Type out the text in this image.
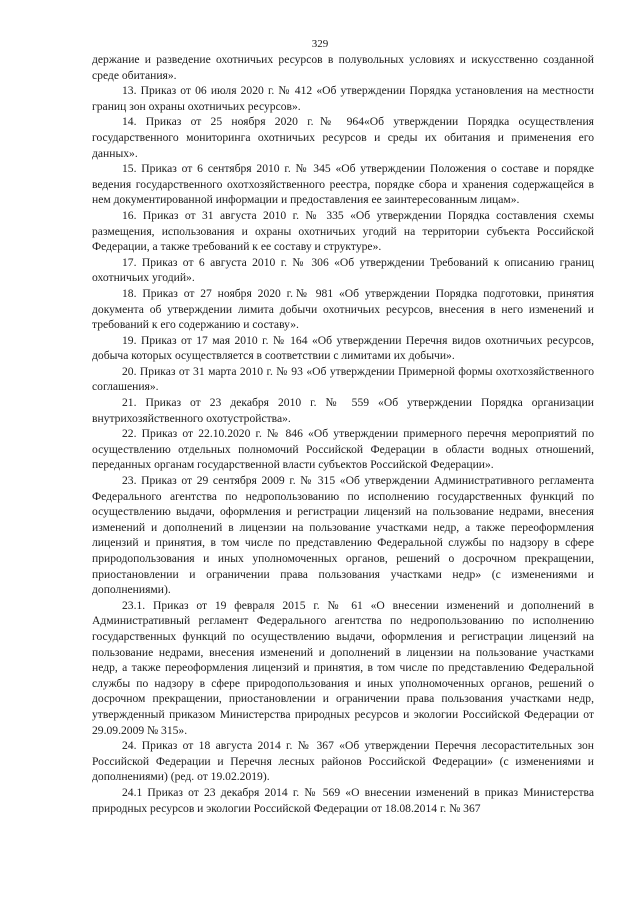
329

держание и разведение охотничьих ресурсов в полувольных условиях и искусственно созданной среде обитания».

13. Приказ от 06 июля 2020 г. № 412 «Об утверждении Порядка установления на местности границ зон охраны охотничьих ресурсов».

14. Приказ от 25 ноября 2020 г.№ 964«Об утверждении Порядка осуществления государственного мониторинга охотничьих ресурсов и среды их обитания и применения его данных».

15. Приказ от 6 сентября 2010 г. № 345 «Об утверждении Положения о составе и порядке ведения государственного охотхозяйственного реестра, порядке сбора и хранения содержащейся в нем документированной информации и предоставления ее заинтересованным лицам».

16. Приказ от 31 августа 2010 г. № 335 «Об утверждении Порядка составления схемы размещения, использования и охраны охотничьих угодий на территории субъекта Российской Федерации, а также требований к ее составу и структуре».

17. Приказ от 6 августа 2010 г. № 306 «Об утверждении Требований к описанию границ охотничьих угодий».

18. Приказ от 27 ноября 2020 г.№ 981 «Об утверждении Порядка подготовки, принятия документа об утверждении лимита добычи охотничьих ресурсов, внесения в него изменений и требований к его содержанию и составу».

19. Приказ от 17 мая 2010 г. № 164 «Об утверждении Перечня видов охотничьих ресурсов, добыча которых осуществляется в соответствии с лимитами их добычи».

20. Приказ от 31 марта 2010 г. № 93 «Об утверждении Примерной формы охотхозяйственного соглашения».

21. Приказ от 23 декабря 2010 г. № 559 «Об утверждении Порядка организации внутрихозяйственного охотустройства».

22. Приказ от 22.10.2020 г. № 846 «Об утверждении примерного перечня мероприятий по осуществлению отдельных полномочий Российской Федерации в области водных отношений, переданных органам государственной власти субъектов Российской Федерации».

23. Приказ от 29 сентября 2009 г. № 315 «Об утверждении Административного регламента Федерального агентства по недропользованию по исполнению государственных функций по осуществлению выдачи, оформления и регистрации лицензий на пользование недрами, внесения изменений и дополнений в лицензии на пользование участками недр, а также переоформления лицензий и принятия, в том числе по представлению Федеральной службы по надзору в сфере природопользования и иных уполномоченных органов, решений о досрочном прекращении, приостановлении и ограничении права пользования участками недр» (с изменениями и дополнениями).

23.1. Приказ от 19 февраля 2015 г. № 61 «О внесении изменений и дополнений в Административный регламент Федерального агентства по недропользованию по исполнению государственных функций по осуществлению выдачи, оформления и регистрации лицензий на пользование недрами, внесения изменений и дополнений в лицензии на пользование участками недр, а также переоформления лицензий и принятия, в том числе по представлению Федеральной службы по надзору в сфере природопользования и иных уполномоченных органов, решений о досрочном прекращении, приостановлении и ограничении права пользования участками недр, утвержденный приказом Министерства природных ресурсов и экологии Российской Федерации от 29.09.2009 № 315».

24. Приказ от 18 августа 2014 г. № 367 «Об утверждении Перечня лесорастительных зон Российской Федерации и Перечня лесных районов Российской Федерации» (с изменениями и дополнениями) (ред. от 19.02.2019).

24.1 Приказ от 23 декабря 2014 г. № 569 «О внесении изменений в приказ Министерства природных ресурсов и экологии Российской Федерации от 18.08.2014 г. № 367
